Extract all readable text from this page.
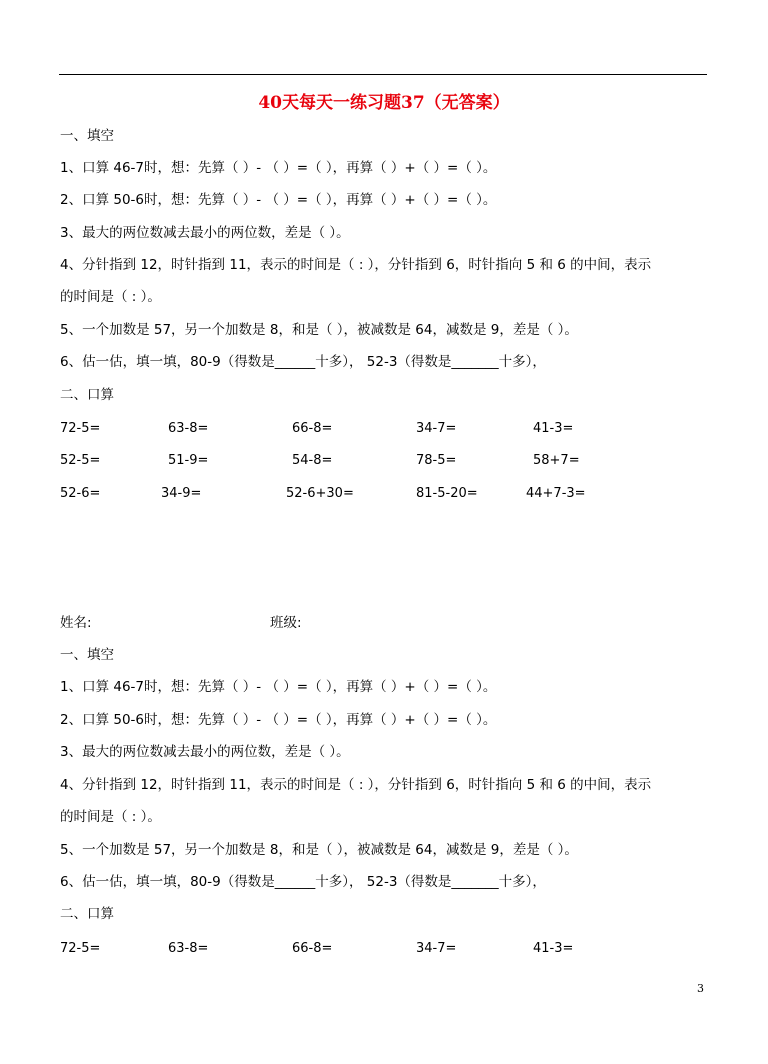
40天每天一练习题37（无答案）
一、填空
1、口算 46-7时，想：先算（ ）- （ ）=（ ），再算（ ）+（ ）=（ ）。
2、口算 50-6时，想：先算（ ）- （ ）=（ ），再算（ ）+（ ）=（ ）。
3、最大的两位数减去最小的两位数，差是（ ）。
4、分针指到 12，时针指到 11，表示的时间是（ : ），分针指到 6，时针指向 5 和 6 的中间，表示
的时间是（ : ）。
5、一个加数是 57，另一个加数是 8，和是（ ），被减数是 64，减数是 9，差是（ ）。
6、估一估，填一填，80-9（得数是______十多）， 52-3（得数是_______十多），
二、口算
72-5=	63-8=	66-8=	34-7=	41-3=
52-5=	51-9=	54-8=	78-5=	58+7=
52-6=	34-9=	52-6+30=	81-5-20=	44+7-3=
姓名:	班级:
一、填空
1、口算 46-7时，想：先算（ ）- （ ）=（ ），再算（ ）+（ ）=（ ）。
2、口算 50-6时，想：先算（ ）- （ ）=（ ），再算（ ）+（ ）=（ ）。
3、最大的两位数减去最小的两位数，差是（ ）。
4、分针指到 12，时针指到 11，表示的时间是（ : ），分针指到 6，时针指向 5 和 6 的中间，表示
的时间是（ : ）。
5、一个加数是 57，另一个加数是 8，和是（ ），被减数是 64，减数是 9，差是（ ）。
6、估一估，填一填，80-9（得数是______十多）， 52-3（得数是_______十多），
二、口算
72-5=	63-8=	66-8=	34-7=	41-3=
3
